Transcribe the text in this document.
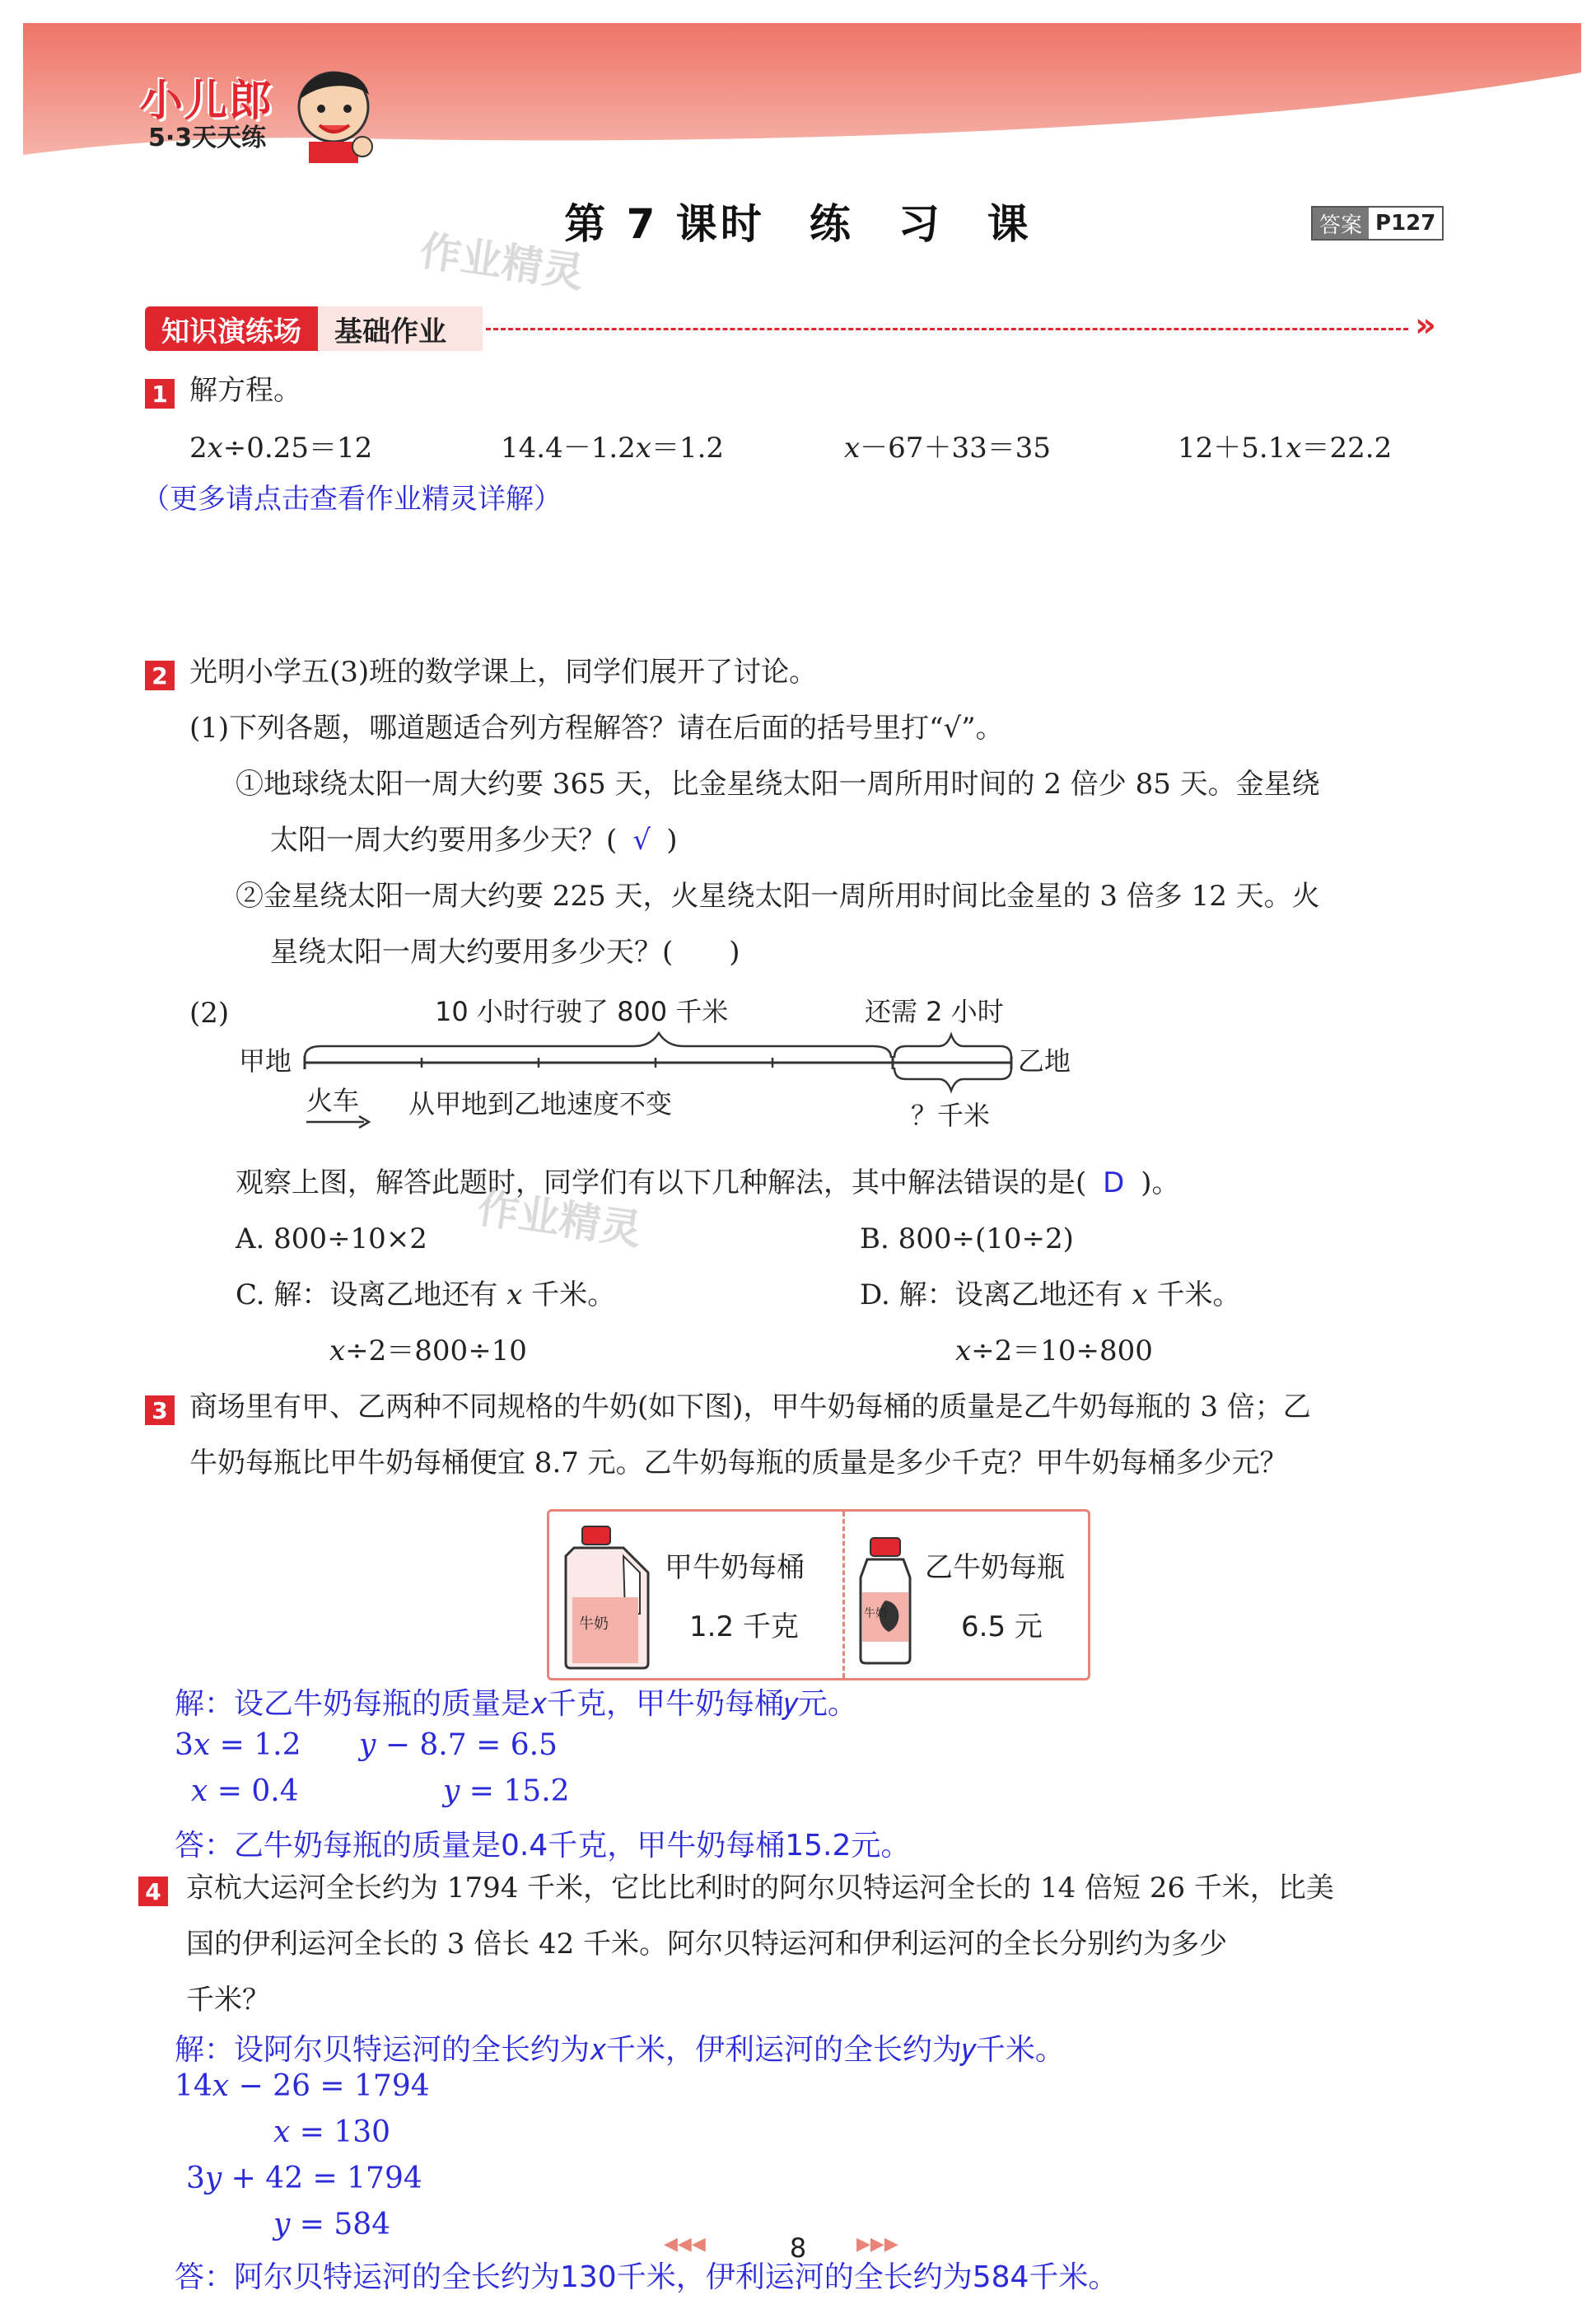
小儿郎
5·3天天练
第 7 课时　练　习　课	答案 P127
作业精灵
知识演练场	基础作业	»
1 解方程。
2𝑥÷0.25＝12	14.4－1.2𝑥＝1.2	𝑥－67＋33＝35	12＋5.1𝑥＝22.2
（更多请点击查看作业精灵详解）
2 光明小学五(3)班的数学课上，同学们展开了讨论。
(1)下列各题，哪道题适合列方程解答？请在后面的括号里打“√”。
①地球绕太阳一周大约要 365 天，比金星绕太阳一周所用时间的 2 倍少 85 天。金星绕
太阳一周大约要用多少天？( √ )
②金星绕太阳一周大约要 225 天，火星绕太阳一周所用时间比金星的 3 倍多 12 天。火
星绕太阳一周大约要用多少天？(　　)
(2)	10 小时行驶了 800 千米	还需 2 小时
甲地	乙地
火车 从甲地到乙地速度不变	？千米
观察上图，解答此题时，同学们有以下几种解法，其中解法错误的是( D )。
A. 800÷10×2	B. 800÷(10÷2)
C. 解：设离乙地还有 𝑥 千米。	D. 解：设离乙地还有 𝑥 千米。
𝑥÷2＝800÷10	𝑥÷2＝10÷800
作业精灵
3 商场里有甲、乙两种不同规格的牛奶(如下图)，甲牛奶每桶的质量是乙牛奶每瓶的 3 倍；乙
牛奶每瓶比甲牛奶每桶便宜 8.7 元。乙牛奶每瓶的质量是多少千克？甲牛奶每桶多少元？
牛奶
甲牛奶每桶
1.2 千克	牛奶
乙牛奶每瓶
6.5 元
解：设乙牛奶每瓶的质量是𝑥千克，甲牛奶每桶𝑦元。
3𝑥 = 1.2 𝑦 − 8.7 = 6.5
𝑥 = 0.4	𝑦 = 15.2
答：乙牛奶每瓶的质量是0.4千克，甲牛奶每桶15.2元。
4 京杭大运河全长约为 1794 千米，它比比利时的阿尔贝特运河全长的 14 倍短 26 千米，比美
国的伊利运河全长的 3 倍长 42 千米。阿尔贝特运河和伊利运河的全长分别约为多少
千米？
解：设阿尔贝特运河的全长约为𝑥千米，伊利运河的全长约为𝑦千米。
14𝑥 − 26 = 1794
𝑥 = 130
3𝑦 + 42 = 1794
𝑦 = 584
答：阿尔贝特运河的全长约为130千米，伊利运河的全长约为584千米。
◀◀◀	8	▶▶▶
